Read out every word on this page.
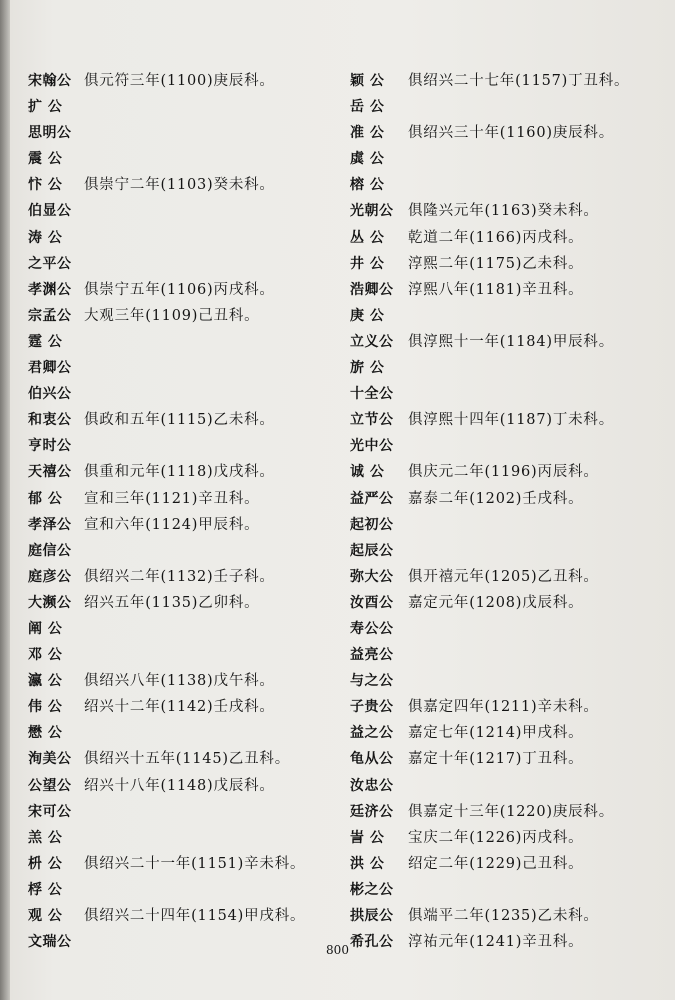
宋翰公 俱元符三年(1100)庚辰科。
扩 公
思明公
震 公
忭 公	俱崇宁二年(1103)癸未科。
伯显公
涛 公
之平公
孝渊公 俱崇宁五年(1106)丙戌科。
宗孟公 大观三年(1109)己丑科。
霆 公
君卿公
伯兴公
和衷公 俱政和五年(1115)乙未科。
亨时公
天禧公 俱重和元年(1118)戊戌科。
郁 公	宣和三年(1121)辛丑科。
孝泽公 宣和六年(1124)甲辰科。
庭信公
庭彦公 俱绍兴二年(1132)壬子科。
大濒公 绍兴五年(1135)乙卯科。
阐 公
邓 公
瀛 公	俱绍兴八年(1138)戊午科。
伟 公	绍兴十二年(1142)壬戌科。
懋 公
洵美公 俱绍兴十五年(1145)乙丑科。
公望公 绍兴十八年(1148)戊辰科。
宋可公
羔 公
枡 公	俱绍兴二十一年(1151)辛未科。
桴 公
观 公	俱绍兴二十四年(1154)甲戌科。
文瑞公
颖 公	俱绍兴二十七年(1157)丁丑科。
岳 公
准 公	俱绍兴三十年(1160)庚辰科。
虡 公
榕 公
光朝公	俱隆兴元年(1163)癸未科。
丛 公	乾道二年(1166)丙戌科。
井 公	淳熙二年(1175)乙未科。
浩卿公	淳熙八年(1181)辛丑科。
庚 公
立义公	俱淳熙十一年(1184)甲辰科。
旂 公
十全公
立节公	俱淳熙十四年(1187)丁未科。
光中公
诚 公	俱庆元二年(1196)丙辰科。
益严公	嘉泰二年(1202)壬戌科。
起初公
起辰公
弥大公	俱开禧元年(1205)乙丑科。
汝酉公	嘉定元年(1208)戊辰科。
寿公公
益亮公
与之公
子贵公	俱嘉定四年(1211)辛未科。
益之公	嘉定七年(1214)甲戌科。
龟从公	嘉定十年(1217)丁丑科。
汝忠公
廷济公	俱嘉定十三年(1220)庚辰科。
訔 公	宝庆二年(1226)丙戌科。
洪 公	绍定二年(1229)己丑科。
彬之公
拱辰公	俱端平二年(1235)乙未科。
希孔公	淳祐元年(1241)辛丑科。
800
